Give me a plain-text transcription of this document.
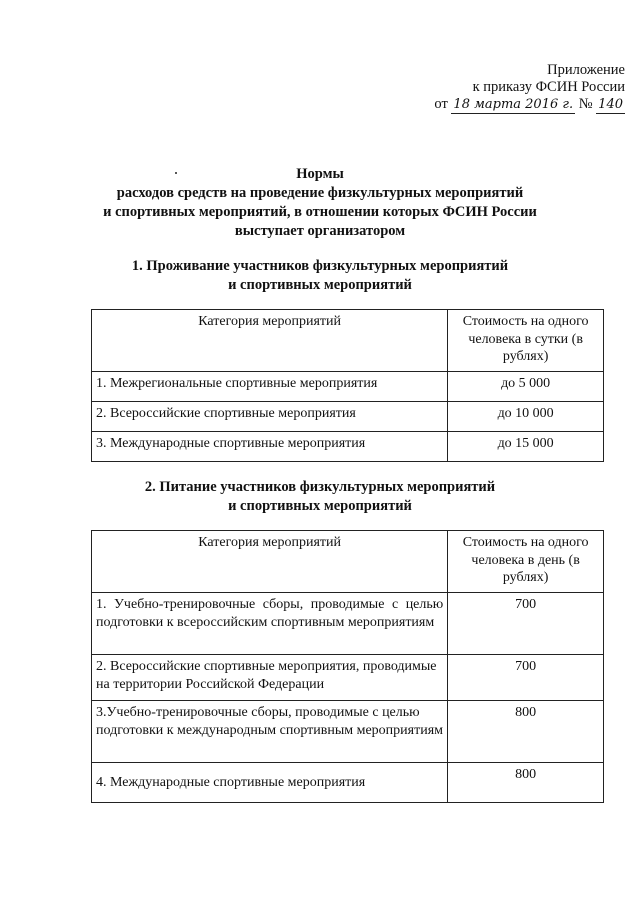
Приложение
к приказу ФСИН России
от 18 марта 2016 г. № 140
Нормы
расходов средств на проведение физкультурных мероприятий
и спортивных мероприятий, в отношении которых ФСИН России
выступает организатором
1. Проживание участников физкультурных мероприятий
и спортивных мероприятий
Категория мероприятий	Стоимость на одного человека в сутки (в рублях)
1. Межрегиональные спортивные мероприятия	до 5 000
2. Всероссийские спортивные мероприятия	до 10 000
3. Международные спортивные мероприятия	до 15 000
2. Питание участников физкультурных мероприятий
и спортивных мероприятий
Категория мероприятий	Стоимость на одного человека в день (в рублях)
1. Учебно-тренировочные сборы, проводимые с целью подготовки к всероссийским спортивным мероприятиям	700
2. Всероссийские спортивные мероприятия, проводимые на территории Российской Федерации	700
3.Учебно-тренировочные сборы, проводимые с целью подготовки к международным спортивным мероприятиям	800
4. Международные спортивные мероприятия	800
